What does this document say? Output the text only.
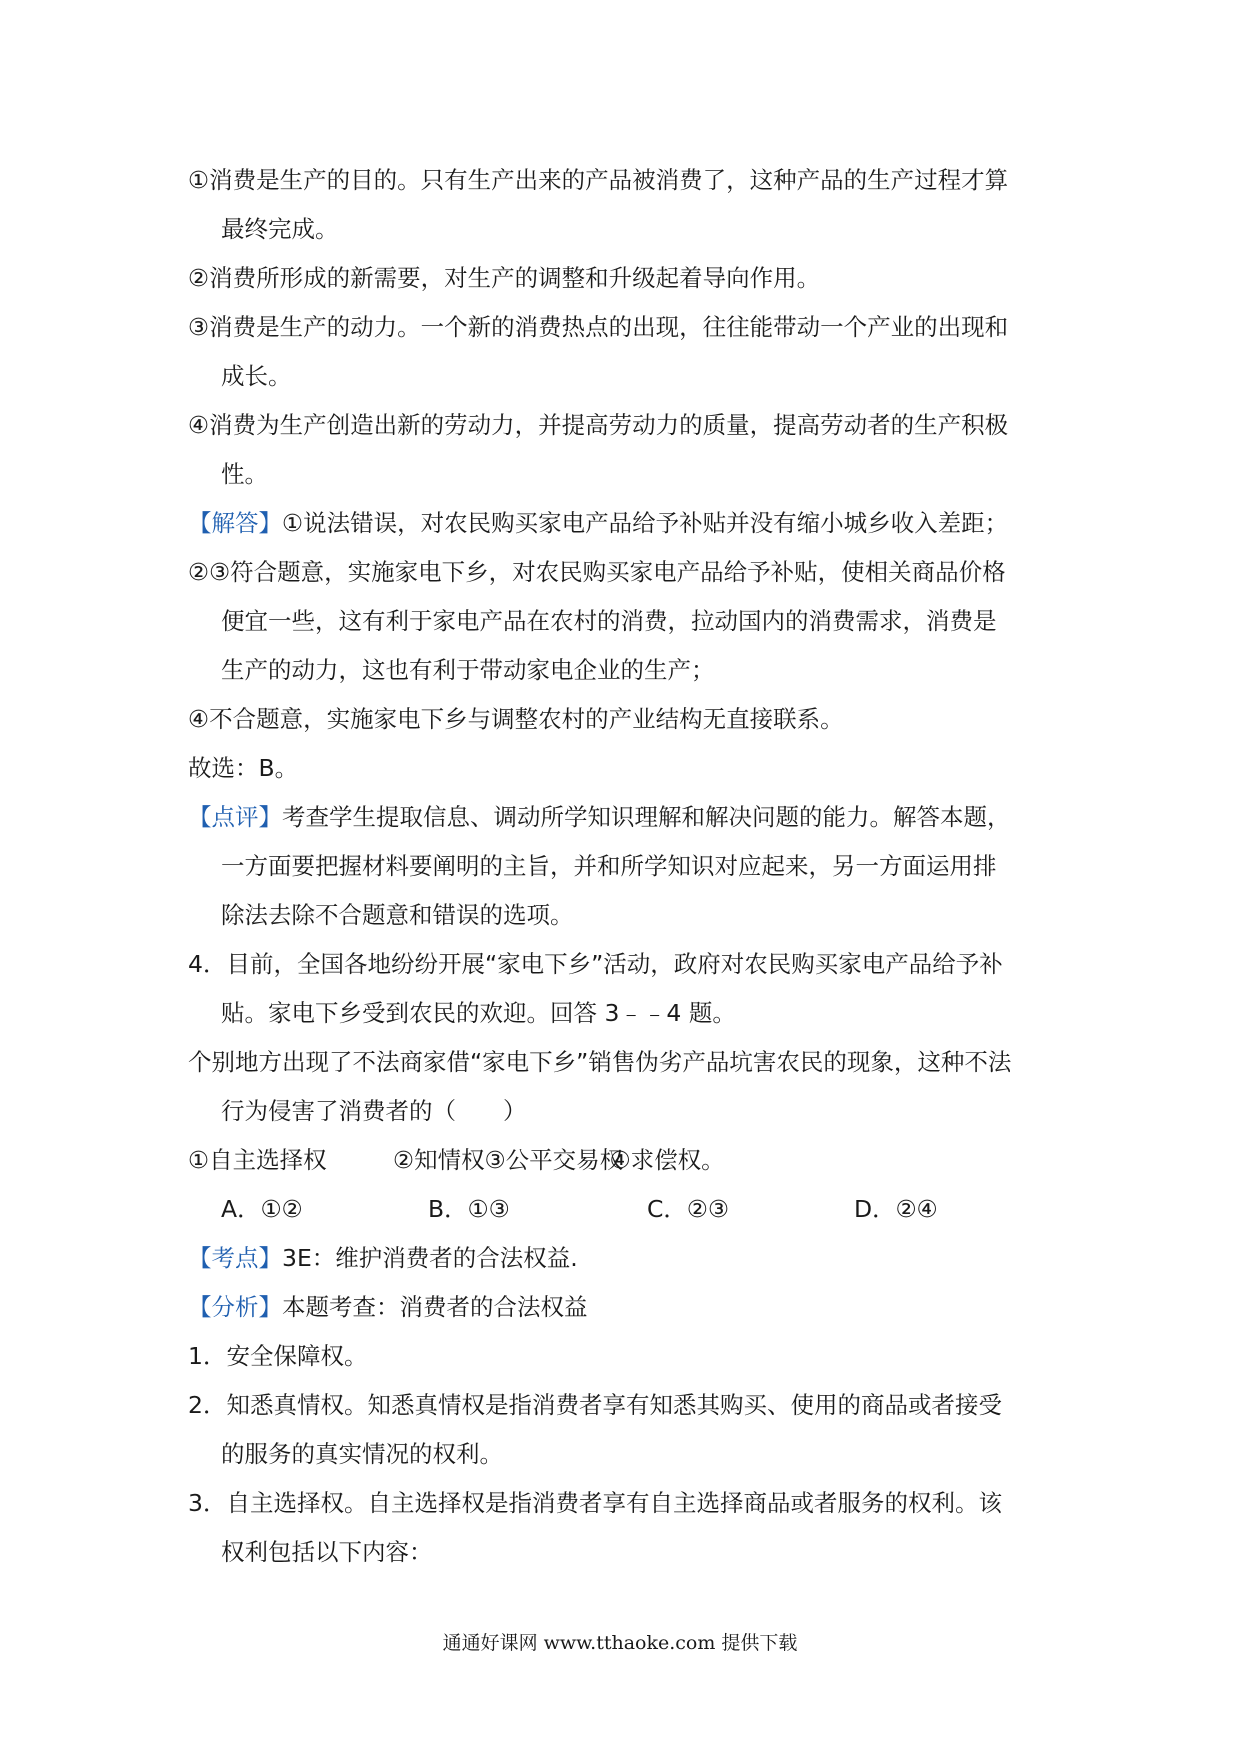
①消费是生产的目的。只有生产出来的产品被消费了，这种产品的生产过程才算

最终完成。

②消费所形成的新需要，对生产的调整和升级起着导向作用。

③消费是生产的动力。一个新的消费热点的出现，往往能带动一个产业的出现和

成长。

④消费为生产创造出新的劳动力，并提高劳动力的质量，提高劳动者的生产积极

性。

【解答】①说法错误，对农民购买家电产品给予补贴并没有缩小城乡收入差距；

②③符合题意，实施家电下乡，对农民购买家电产品给予补贴，使相关商品价格

便宜一些，这有利于家电产品在农村的消费，拉动国内的消费需求，消费是

生产的动力，这也有利于带动家电企业的生产；

④不合题意，实施家电下乡与调整农村的产业结构无直接联系。

故选：B。

【点评】考查学生提取信息、调动所学知识理解和解决问题的能力。解答本题，

一方面要把握材料要阐明的主旨，并和所学知识对应起来，另一方面运用排

除法去除不合题意和错误的选项。

4．目前，全国各地纷纷开展“家电下乡”活动，政府对农民购买家电产品给予补

贴。家电下乡受到农民的欢迎。回答 3﹣﹣4 题。

个别地方出现了不法商家借“家电下乡”销售伪劣产品坑害农民的现象，这种不法

行为侵害了消费者的（　　）

①自主选择权	②知情权③公平交易权④求偿权。

A．①②	B．①③	C．②③	D．②④

【考点】3E：维护消费者的合法权益.

【分析】本题考查：消费者的合法权益

1．安全保障权。

2．知悉真情权。知悉真情权是指消费者享有知悉其购买、使用的商品或者接受

的服务的真实情况的权利。

3．自主选择权。自主选择权是指消费者享有自主选择商品或者服务的权利。该

权利包括以下内容：

通通好课网 www.tthaoke.com 提供下载
